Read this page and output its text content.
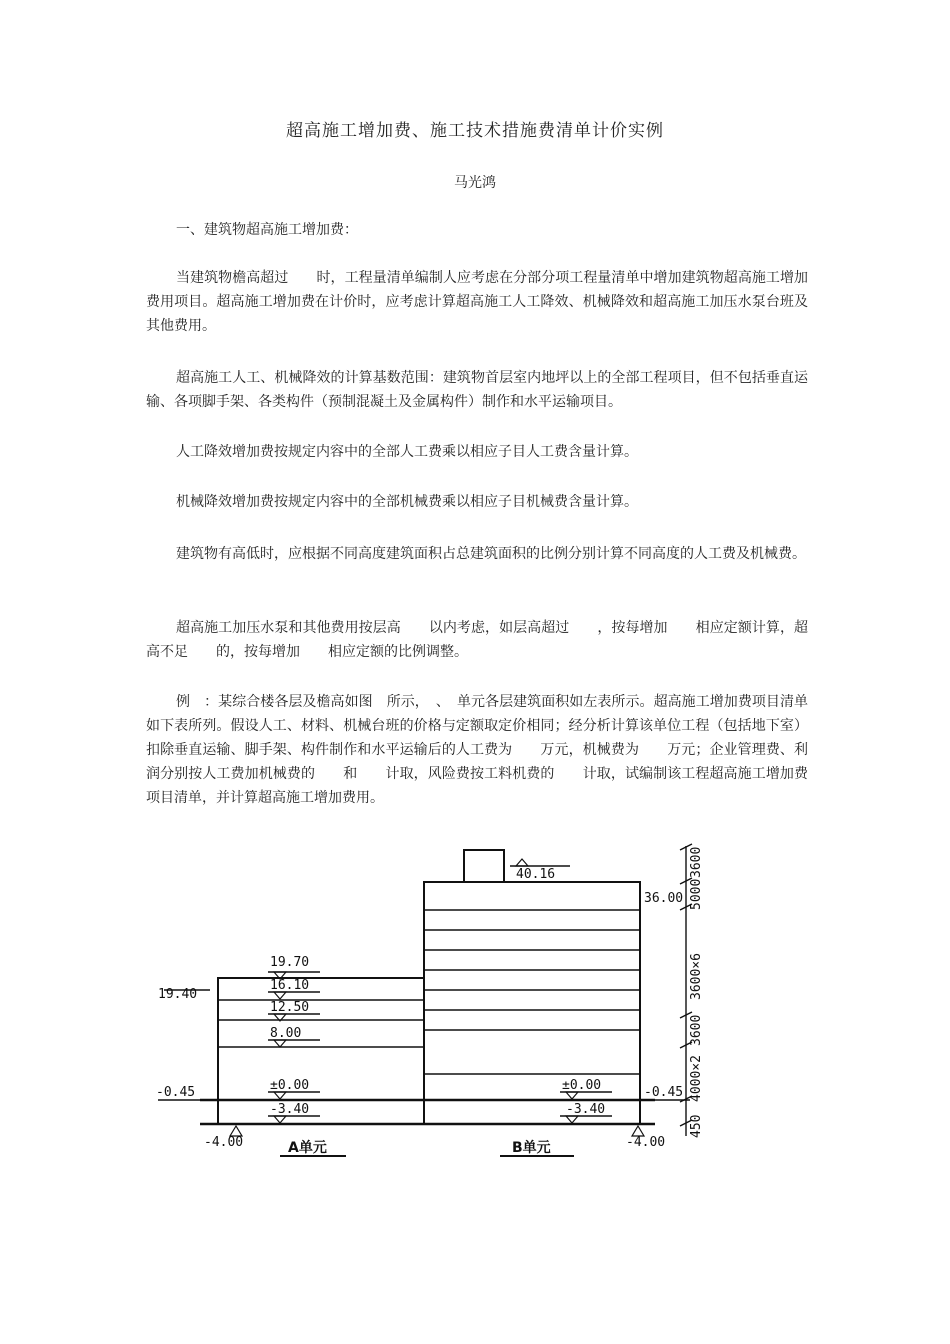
超高施工增加费、施工技术措施费清单计价实例
马光鸿
一、建筑物超高施工增加费：
当建筑物檐高超过　　时，工程量清单编制人应考虑在分部分项工程量清单中增加建筑物超高施工增加费用项目。超高施工增加费在计价时，应考虑计算超高施工人工降效、机械降效和超高施工加压水泵台班及其他费用。
超高施工人工、机械降效的计算基数范围：建筑物首层室内地坪以上的全部工程项目，但不包括垂直运输、各项脚手架、各类构件（预制混凝土及金属构件）制作和水平运输项目。
人工降效增加费按规定内容中的全部人工费乘以相应子目人工费含量计算。
机械降效增加费按规定内容中的全部机械费乘以相应子目机械费含量计算。
建筑物有高低时，应根据不同高度建筑面积占总建筑面积的比例分别计算不同高度的人工费及机械费。
超高施工加压水泵和其他费用按层高　　以内考虑，如层高超过　　，按每增加　　相应定额计算，超高不足　　的，按每增加　　相应定额的比例调整。
例　：某综合楼各层及檐高如图　所示，　、　单元各层建筑面积如左表所示。超高施工增加费项目清单如下表所列。假设人工、材料、机械台班的价格与定额取定价相同；经分析计算该单位工程（包括地下室）扣除垂直运输、脚手架、构件制作和水平运输后的人工费为　　万元，机械费为　　万元；企业管理费、利润分别按人工费加机械费的　　和　　计取，风险费按工料机费的　　计取，试编制该工程超高施工增加费项目清单，并计算超高施工增加费用。
19.70
19.40
16.10
12.50
8.00
±0.00
-3.40
-0.45
-4.00
40.16
36.00
±0.00
-3.40
-0.45
-4.00
3600
5000
3600×6
3600
4000×2
450
A单元	B单元
